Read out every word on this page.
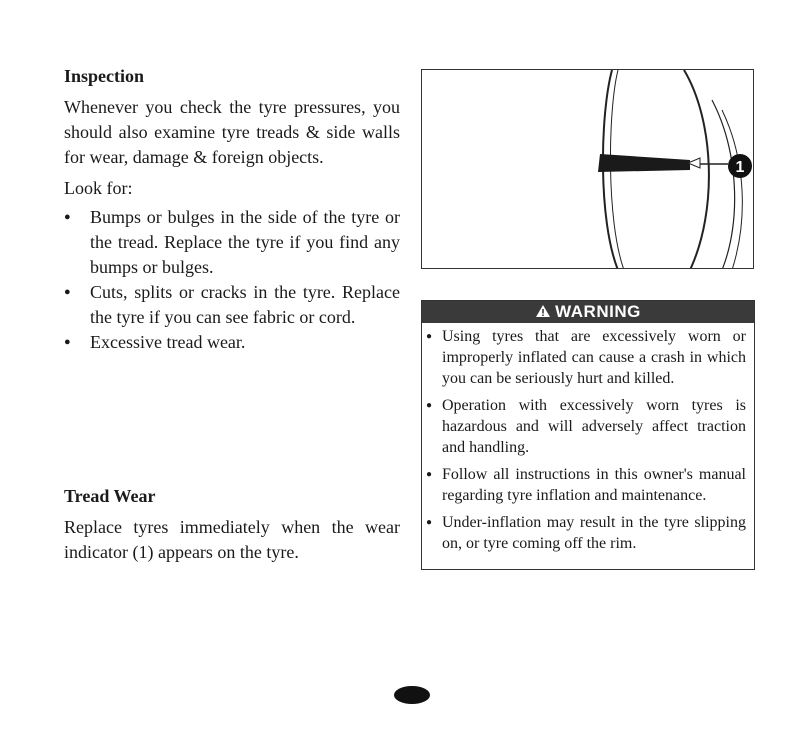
Inspection

Whenever you check the tyre pressures, you should also examine tyre treads & side walls for wear, damage & foreign objects.

Look for:

● Bumps or bulges in the side of the tyre or the tread. Replace the tyre if you find any bumps or bulges.
● Cuts, splits or cracks in the tyre. Replace the tyre if you can see fabric or cord.
● Excessive tread wear.

Tread Wear

Replace tyres immediately when the wear indicator (1) appears on the tyre.

1
WARNING
● Using tyres that are excessively worn or improperly inflated can cause a crash in which you can be seriously hurt and killed.
● Operation with excessively worn tyres is hazardous and will adversely affect traction and handling.
● Follow all instructions in this owner's manual regarding tyre inflation and maintenance.
● Under-inflation may result in the tyre slipping on, or tyre coming off the rim.
